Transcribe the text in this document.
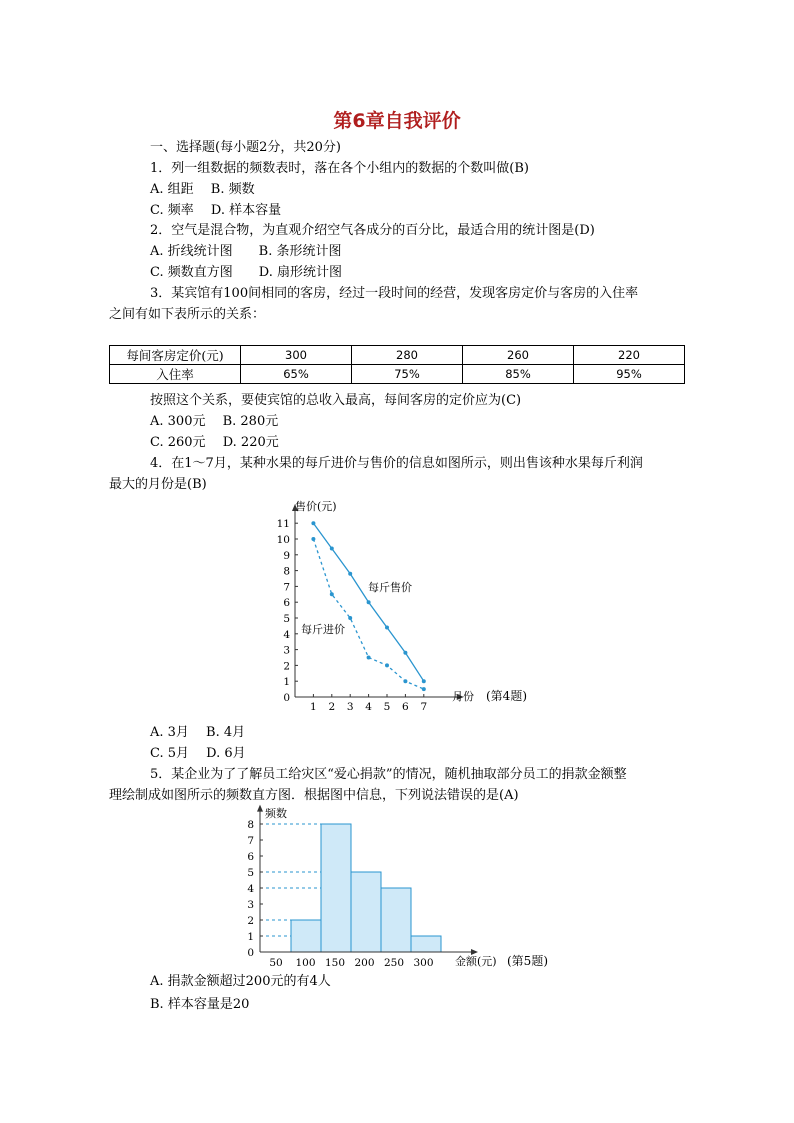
第6章自我评价
一、选择题(每小题2分，共20分)
1．列一组数据的频数表时，落在各个小组内的数据的个数叫做(B)
A. 组距　 B. 频数
C. 频率　 D. 样本容量
2．空气是混合物，为直观介绍空气各成分的百分比，最适合用的统计图是(D)
A. 折线统计图　　B. 条形统计图
C. 频数直方图　　D. 扇形统计图
3．某宾馆有100间相同的客房，经过一段时间的经营，发现客房定价与客房的入住率
之间有如下表所示的关系：
每间客房定价(元)	300	280	260	220
入住率	65%	75%	85%	95%
按照这个关系，要使宾馆的总收入最高，每间客房的定价应为(C)
A. 300元　 B. 280元
C. 260元　 D. 220元
4．在1～7月，某种水果的每斤进价与售价的信息如图所示，则出售该种水果每斤利润
最大的月份是(B)
0
1
2
3
4
5
6
7
8
9
10
11
1 2 3 4 5 6 7
售价(元)
月份 (第4题)
每斤售价
每斤进价
A. 3月　 B. 4月
C. 5月　 D. 6月
5．某企业为了了解员工给灾区“爱心捐款”的情况，随机抽取部分员工的捐款金额整
理绘制成如图所示的频数直方图．根据图中信息，下列说法错误的是(A)
0
1
2
3
4
5
6
7
8
50 100 150 200 250 300
频数
金额(元) (第5题)
A. 捐款金额超过200元的有4人
B. 样本容量是20
